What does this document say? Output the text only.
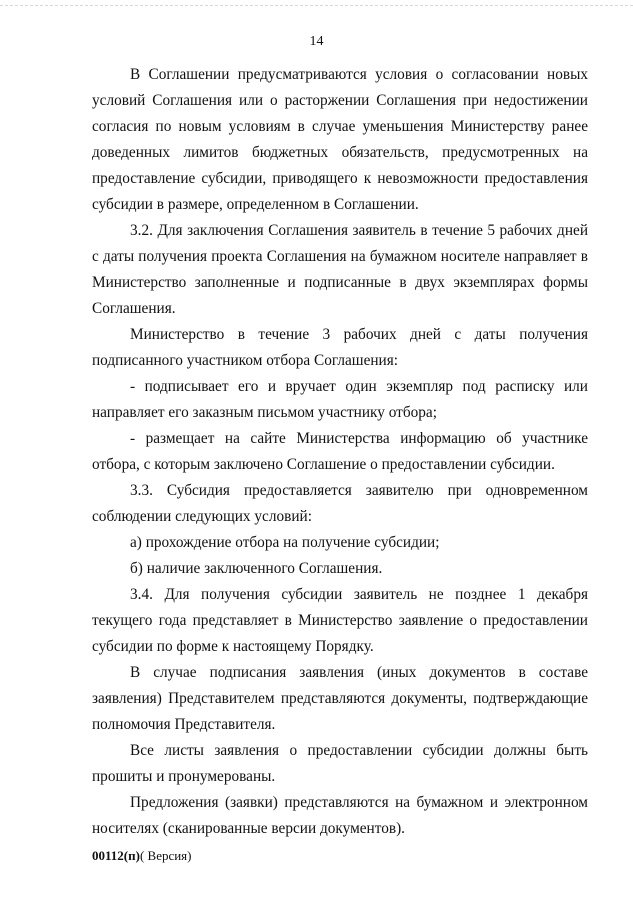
14

В Соглашении предусматриваются условия о согласовании новых условий Соглашения или о расторжении Соглашения при недостижении согласия по новым условиям в случае уменьшения Министерству ранее доведенных лимитов бюджетных обязательств, предусмотренных на предоставление субсидии, приводящего к невозможности предоставления субсидии в размере, определенном в Соглашении.

3.2. Для заключения Соглашения заявитель в течение 5 рабочих дней с даты получения проекта Соглашения на бумажном носителе направляет в Министерство заполненные и подписанные в двух экземплярах формы Соглашения.

Министерство в течение 3 рабочих дней с даты получения подписанного участником отбора Соглашения:

- подписывает его и вручает один экземпляр под расписку или направляет его заказным письмом участнику отбора;

- размещает на сайте Министерства информацию об участнике отбора, с которым заключено Соглашение о предоставлении субсидии.

3.3. Субсидия предоставляется заявителю при одновременном соблюдении следующих условий:

а) прохождение отбора на получение субсидии;

б) наличие заключенного Соглашения.

3.4. Для получения субсидии заявитель не позднее 1 декабря текущего года представляет в Министерство заявление о предоставлении субсидии по форме к настоящему Порядку.

В случае подписания заявления (иных документов в составе заявления) Представителем представляются документы, подтверждающие полномочия Представителя.

Все листы заявления о предоставлении субсидии должны быть прошиты и пронумерованы.

Предложения (заявки) представляются на бумажном и электронном носителях (сканированные версии документов).

00112(п)( Версия)
